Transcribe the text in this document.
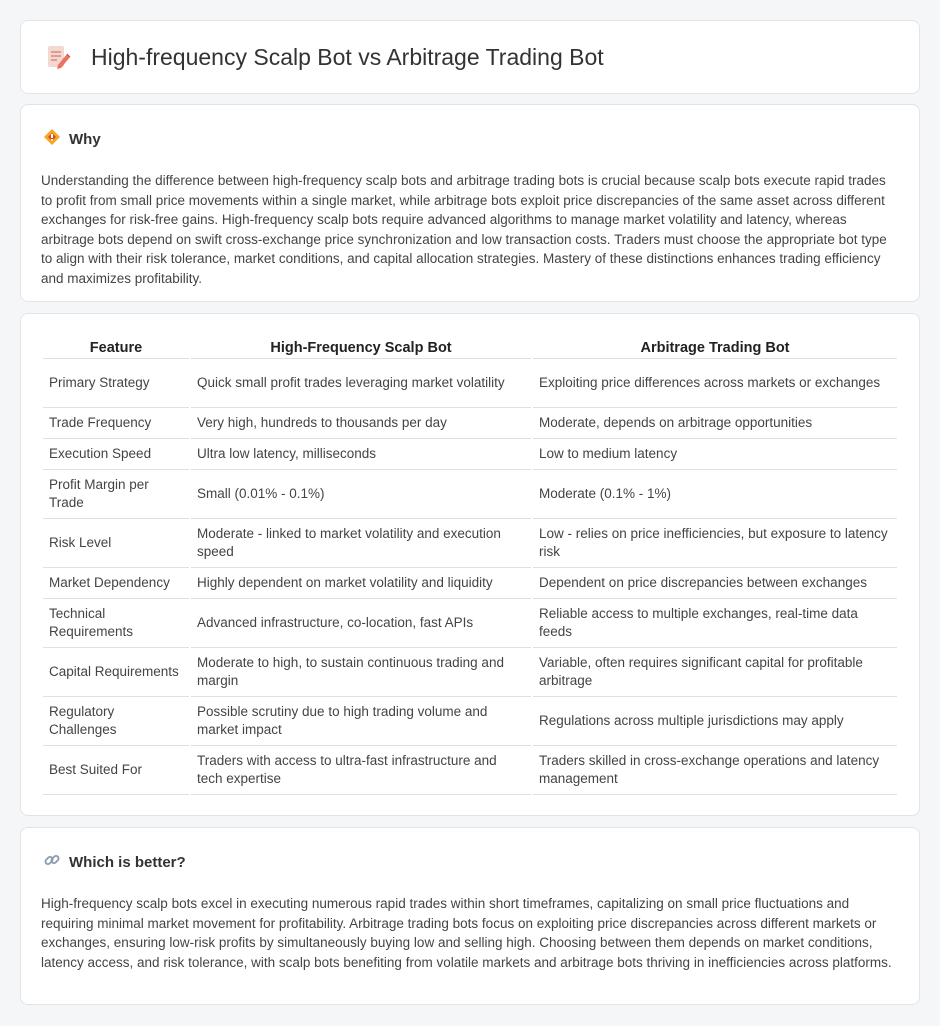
High-frequency Scalp Bot vs Arbitrage Trading Bot
Why

Understanding the difference between high-frequency scalp bots and arbitrage trading bots is crucial because scalp bots execute rapid trades to profit from small price movements within a single market, while arbitrage bots exploit price discrepancies of the same asset across different exchanges for risk-free gains. High-frequency scalp bots require advanced algorithms to manage market volatility and latency, whereas arbitrage bots depend on swift cross-exchange price synchronization and low transaction costs. Traders must choose the appropriate bot type to align with their risk tolerance, market conditions, and capital allocation strategies. Mastery of these distinctions enhances trading efficiency and maximizes profitability.

Feature	High-Frequency Scalp Bot	Arbitrage Trading Bot
Primary Strategy	Quick small profit trades leveraging market volatility	Exploiting price differences across markets or exchanges
Trade Frequency	Very high, hundreds to thousands per day	Moderate, depends on arbitrage opportunities
Execution Speed	Ultra low latency, milliseconds	Low to medium latency
Profit Margin per Trade	Small (0.01% - 0.1%)	Moderate (0.1% - 1%)
Risk Level	Moderate - linked to market volatility and execution speed	Low - relies on price inefficiencies, but exposure to latency risk
Market Dependency	Highly dependent on market volatility and liquidity	Dependent on price discrepancies between exchanges
Technical Requirements	Advanced infrastructure, co-location, fast APIs	Reliable access to multiple exchanges, real-time data feeds
Capital Requirements	Moderate to high, to sustain continuous trading and margin	Variable, often requires significant capital for profitable arbitrage
Regulatory Challenges	Possible scrutiny due to high trading volume and market impact	Regulations across multiple jurisdictions may apply
Best Suited For	Traders with access to ultra-fast infrastructure and tech expertise	Traders skilled in cross-exchange operations and latency management
Which is better?

High-frequency scalp bots excel in executing numerous rapid trades within short timeframes, capitalizing on small price fluctuations and requiring minimal market movement for profitability. Arbitrage trading bots focus on exploiting price discrepancies across different markets or exchanges, ensuring low-risk profits by simultaneously buying low and selling high. Choosing between them depends on market conditions, latency access, and risk tolerance, with scalp bots benefiting from volatile markets and arbitrage bots thriving in inefficiencies across platforms.
